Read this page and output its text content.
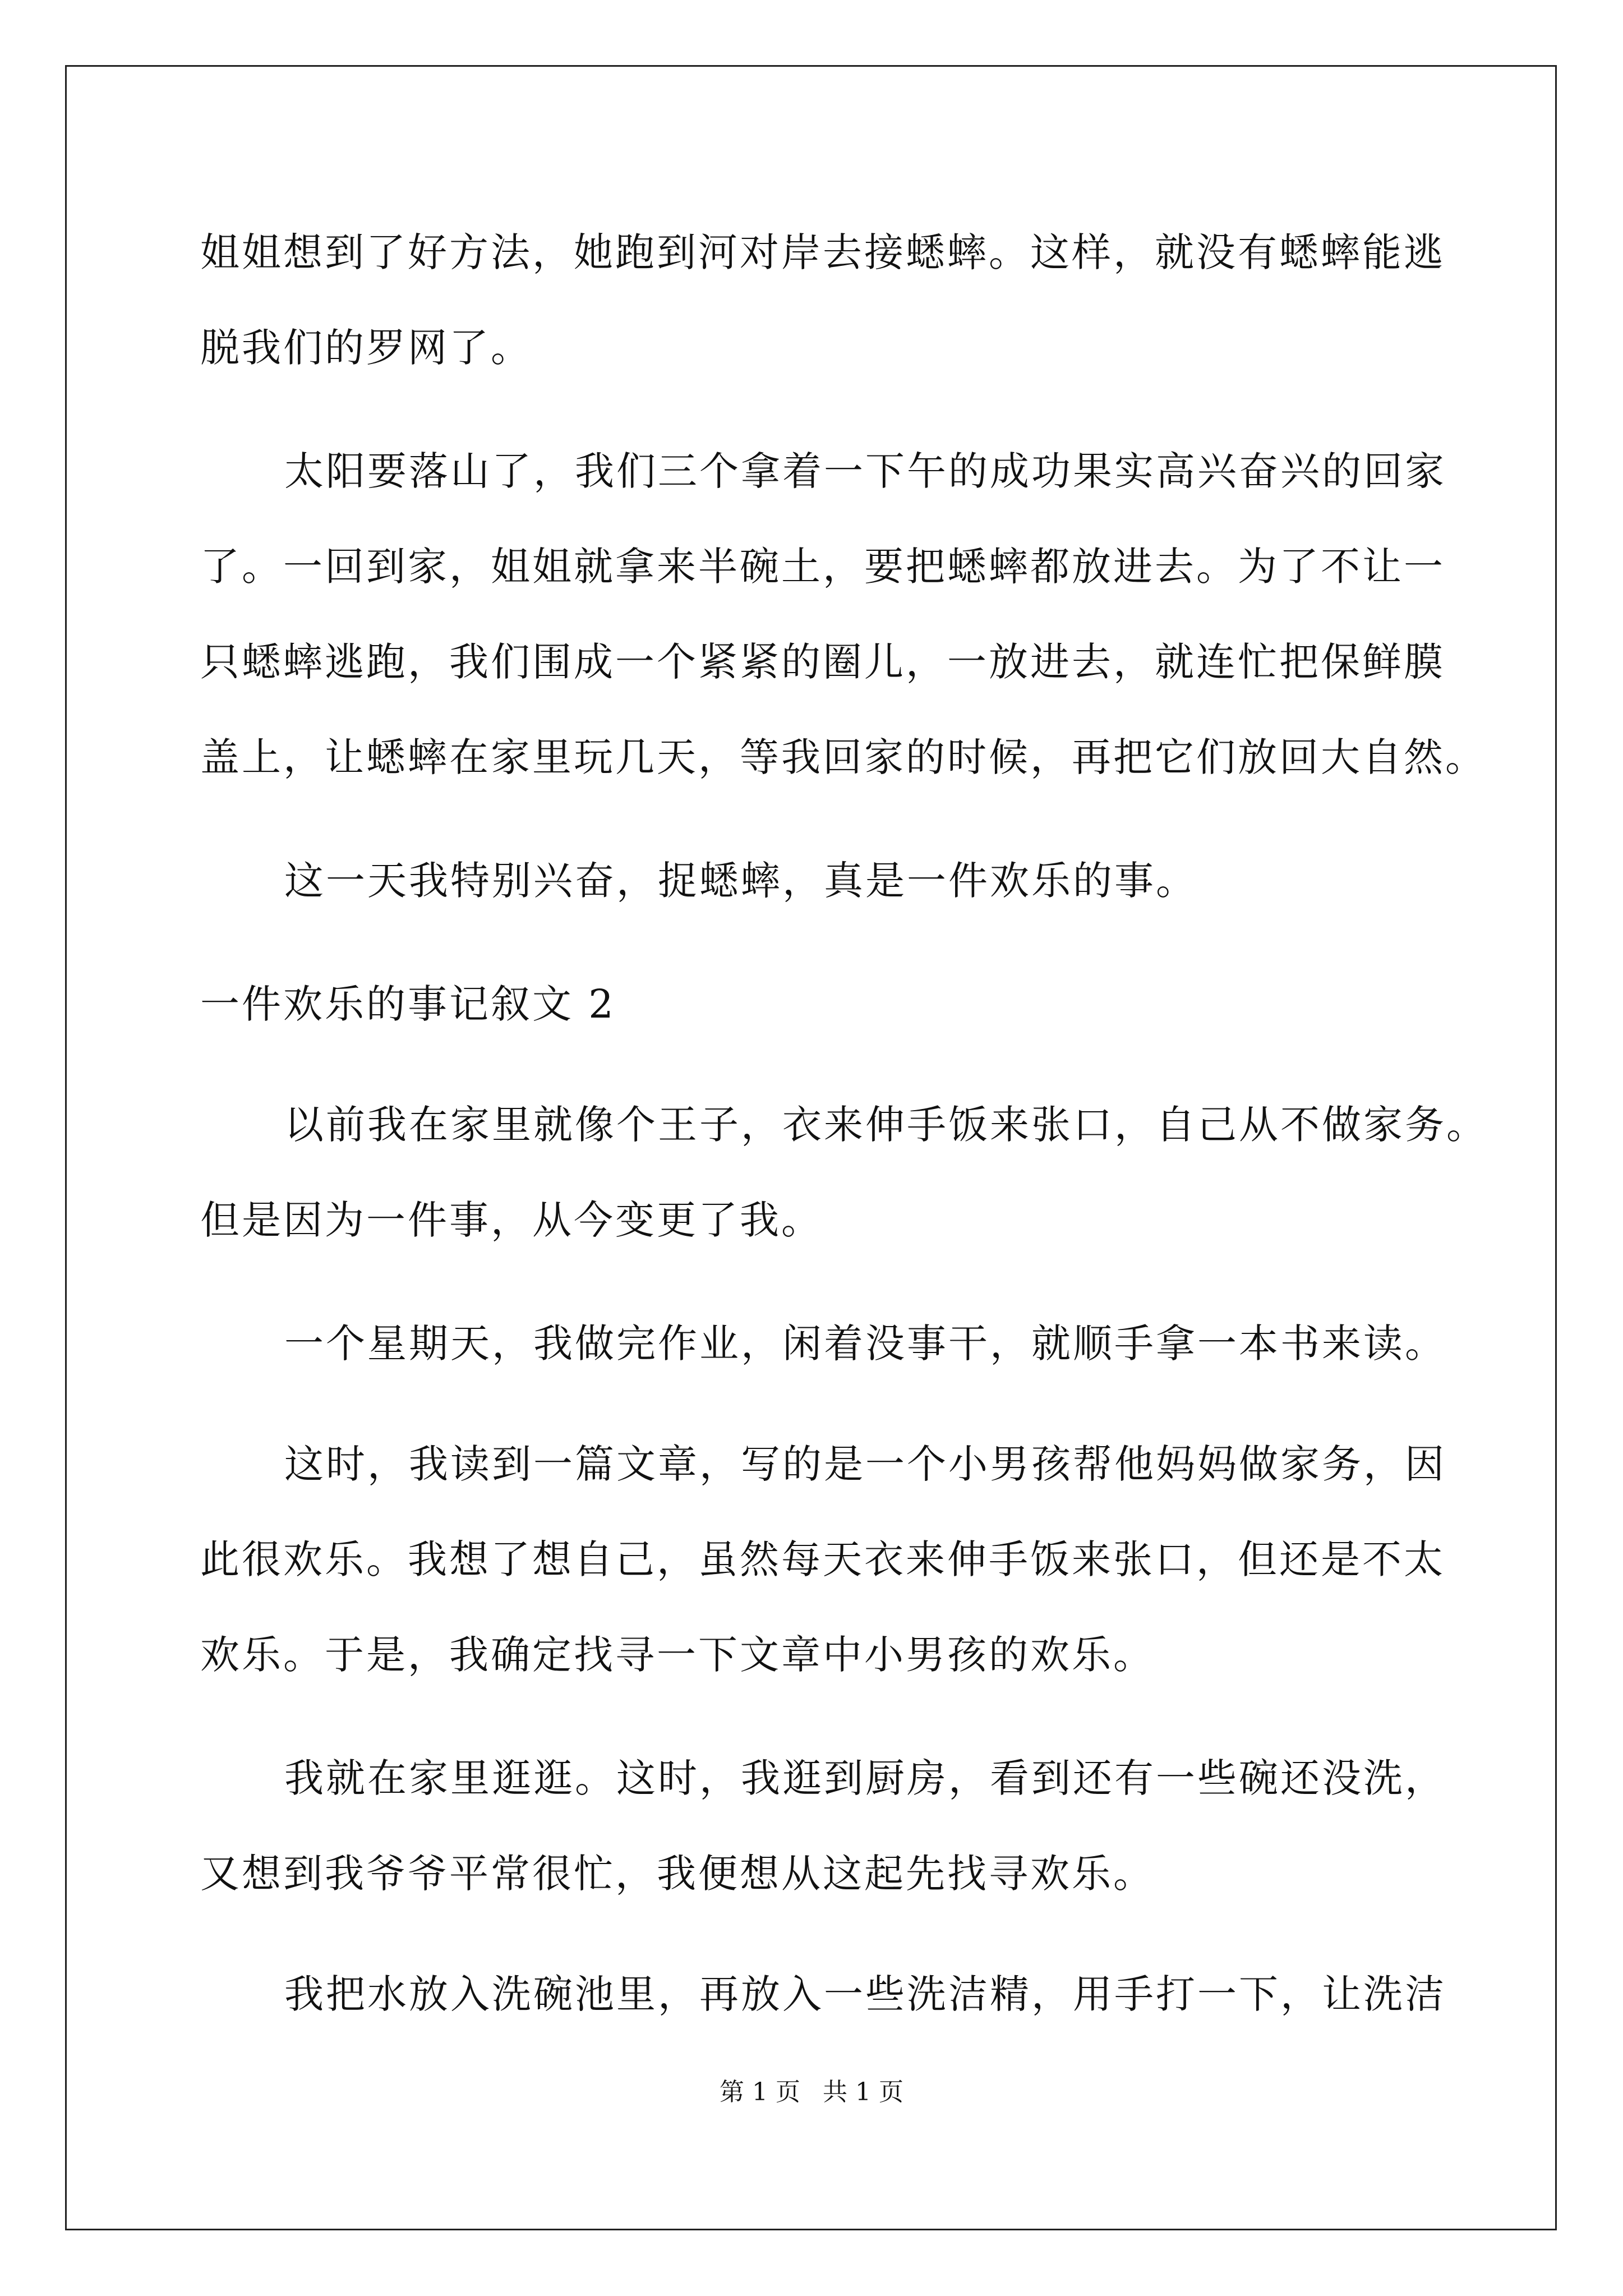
姐姐想到了好方法，她跑到河对岸去接蟋蟀。这样，就没有蟋蟀能逃
脱我们的罗网了。
太阳要落山了，我们三个拿着一下午的成功果实高兴奋兴的回家
了。一回到家，姐姐就拿来半碗土，要把蟋蟀都放进去。为了不让一
只蟋蟀逃跑，我们围成一个紧紧的圈儿，一放进去，就连忙把保鲜膜
盖上，让蟋蟀在家里玩几天，等我回家的时候，再把它们放回大自然。
这一天我特别兴奋，捉蟋蟀，真是一件欢乐的事。
一件欢乐的事记叙文 2
以前我在家里就像个王子，衣来伸手饭来张口，自己从不做家务。
但是因为一件事，从今变更了我。
一个星期天，我做完作业，闲着没事干，就顺手拿一本书来读。
这时，我读到一篇文章，写的是一个小男孩帮他妈妈做家务，因
此很欢乐。我想了想自己，虽然每天衣来伸手饭来张口，但还是不太
欢乐。于是，我确定找寻一下文章中小男孩的欢乐。
我就在家里逛逛。这时，我逛到厨房，看到还有一些碗还没洗，
又想到我爷爷平常很忙，我便想从这起先找寻欢乐。
我把水放入洗碗池里，再放入一些洗洁精，用手打一下，让洗洁
第 1 页 共 1 页
